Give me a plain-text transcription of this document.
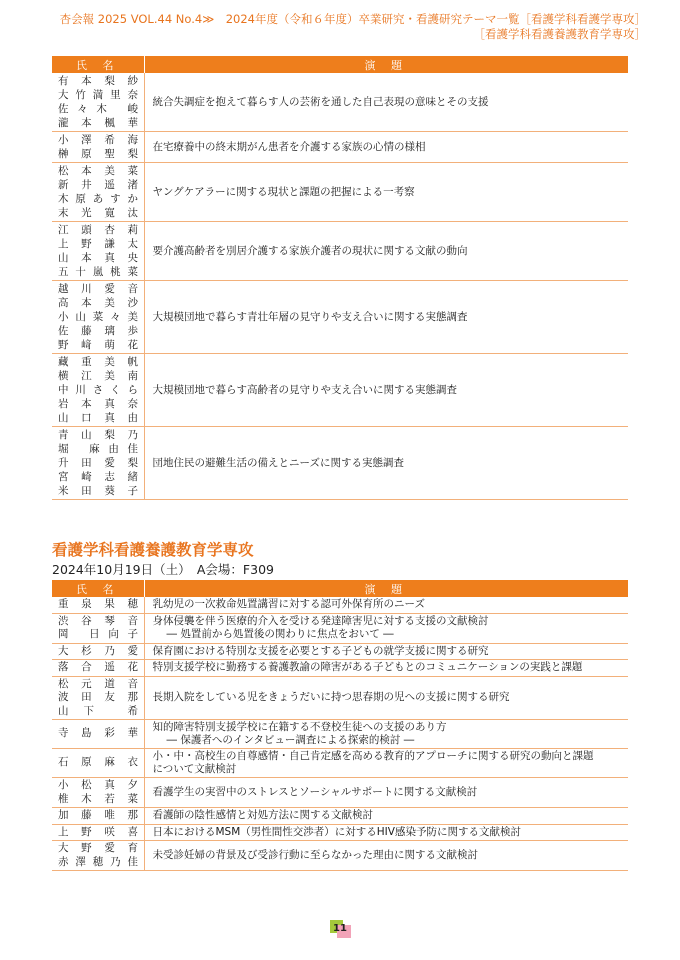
杏会報 2025 VOL.44 No.4≫　2024年度（令和６年度）卒業研究・看護研究テーマ一覧［看護学科看護学専攻］
［看護学科看護養護教育学専攻］
氏 名	演 題

有本梨紗
大竹満里奈
佐々木 峻
瀧本楓華	統合失調症を抱えて暮らす人の芸術を通した自己表現の意味とその支援

小澤希海
榊原聖梨	在宅療養中の終末期がん患者を介護する家族の心情の様相

松本美菜
新井遥渚
木原あすか
末光寛汰	ヤングケアラーに関する現状と課題の把握による一考察

江頭杏莉
上野謙太
山本真央
五十嵐桃菜	要介護高齢者を別居介護する家族介護者の現状に関する文献の動向

越川愛音
高本美沙
小山菜々美
佐藤璃歩
野﨑萌花	大規模団地で暮らす青壮年層の見守りや支え合いに関する実態調査

藏重美帆
横江美南
中川さくら
岩本真奈
山口真由	大規模団地で暮らす高齢者の見守りや支え合いに関する実態調査

青山梨乃
堀 麻由佳
升田愛梨
宮崎志緒
米田葵子	団地住民の避難生活の備えとニーズに関する実態調査
看護学科看護養護教育学専攻
2024年10月19日（土）　A会場：F309
氏 名	演 題

重泉果穂	乳幼児の一次救命処置講習に対する認可外保育所のニーズ

渋谷琴音
岡 日向子	身体侵襲を伴う医療的介入を受ける発達障害児に対する支援の文献検討
― 処置前から処置後の関わりに焦点をおいて ―

大杉乃愛	保育園における特別な支援を必要とする子どもの就学支援に関する研究

落合遥花	特別支援学校に勤務する養護教諭の障害がある子どもとのコミュニケーションの実践と課題

松元道音
波田友那
山下 希	長期入院をしている児をきょうだいに持つ思春期の児への支援に関する研究

寺島彩華	知的障害特別支援学校に在籍する不登校生徒への支援のあり方
― 保護者へのインタビュー調査による探索的検討 ―

石原麻衣	小・中・高校生の自尊感情・自己肯定感を高める教育的アプローチに関する研究の動向と課題
について文献検討

小松真夕
椎木若菜	看護学生の実習中のストレスとソーシャルサポートに関する文献検討

加藤唯那	看護師の陰性感情と対処方法に関する文献検討

上野咲喜	日本におけるMSM（男性間性交渉者）に対するHIV感染予防に関する文献検討

大野愛育
赤澤穂乃佳	未受診妊婦の背景及び受診行動に至らなかった理由に関する文献検討
11
